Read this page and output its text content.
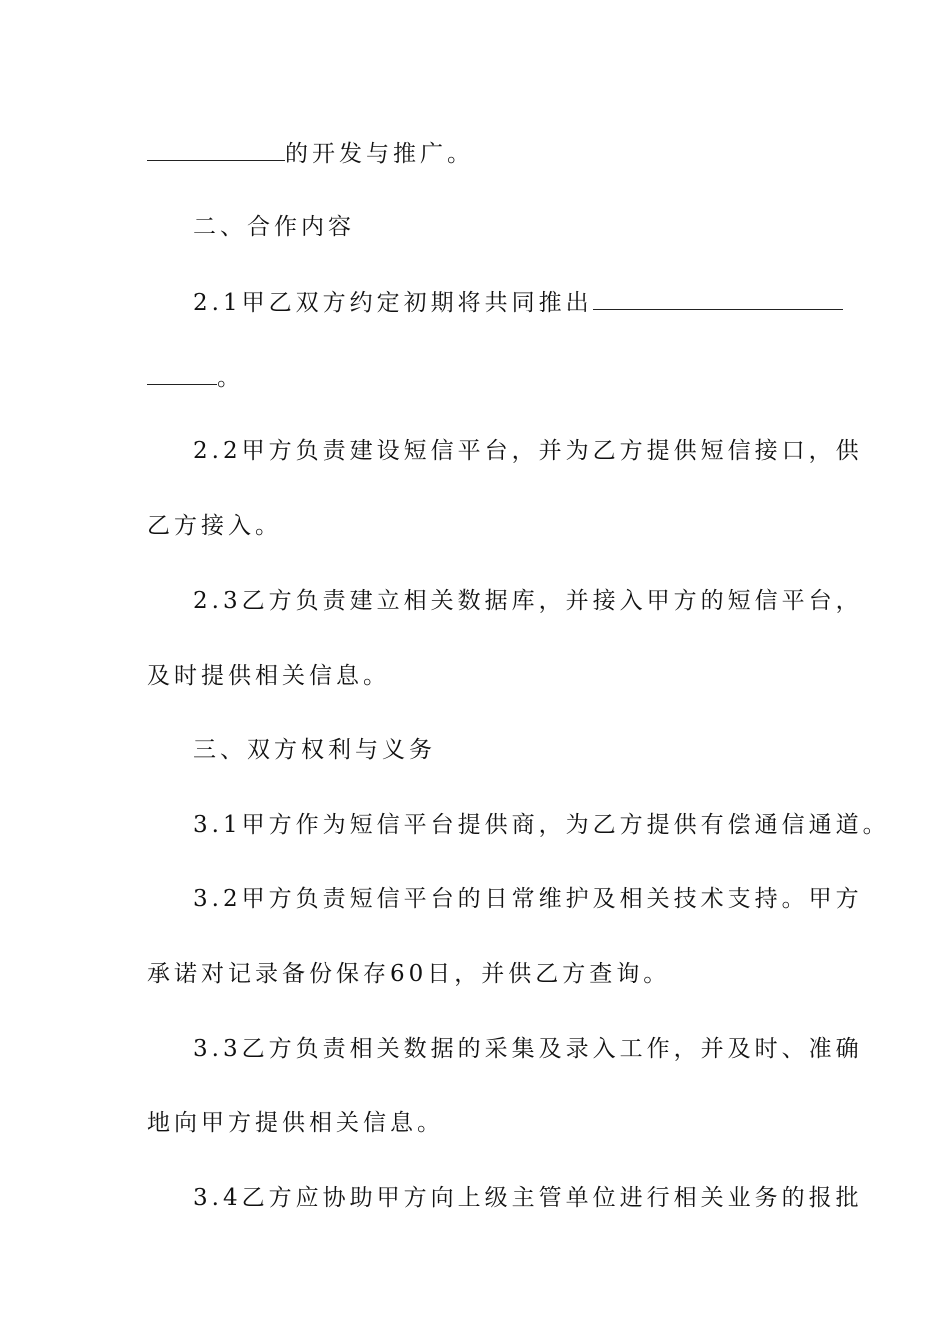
的开发与推广。
二、合作内容
2.1甲乙双方约定初期将共同推出
。
2.2甲方负责建设短信平台，并为乙方提供短信接口，供
乙方接入。
2.3乙方负责建立相关数据库，并接入甲方的短信平台，
及时提供相关信息。
三、双方权利与义务
3.1甲方作为短信平台提供商，为乙方提供有偿通信通道。
3.2甲方负责短信平台的日常维护及相关技术支持。甲方
承诺对记录备份保存60日，并供乙方查询。
3.3乙方负责相关数据的采集及录入工作，并及时、准确
地向甲方提供相关信息。
3.4乙方应协助甲方向上级主管单位进行相关业务的报批
